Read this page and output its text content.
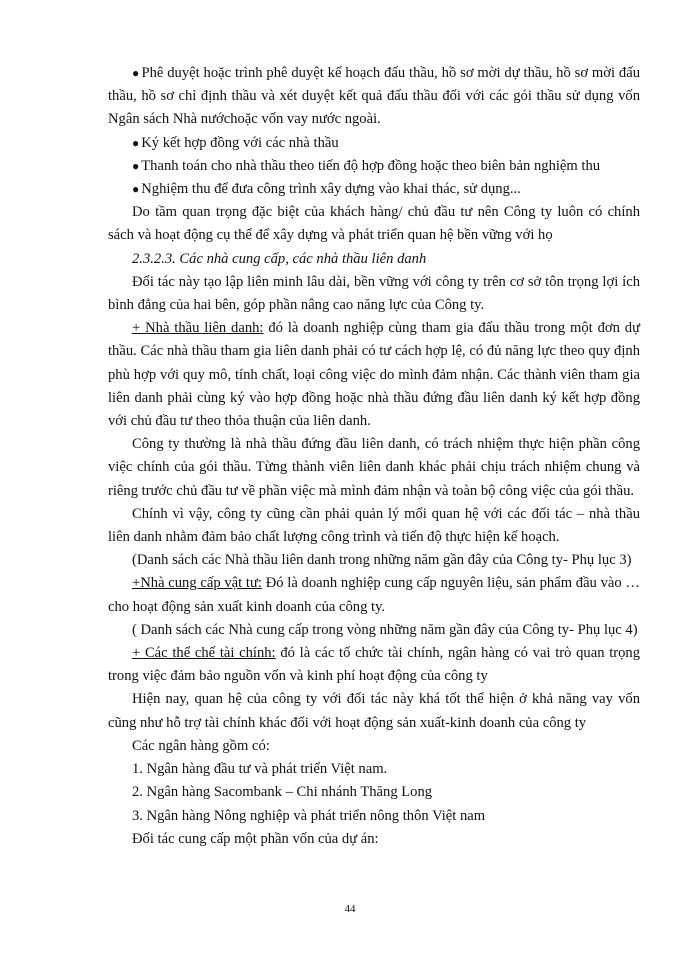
● Phê duyệt hoặc trình phê duyệt kế hoạch đấu thầu, hồ sơ mời dự thầu, hồ sơ mời đấu thầu, hồ sơ chỉ định thầu và xét duyệt kết quả đấu thầu đối với các gói thầu sử dụng vốn Ngân sách Nhà nướchoặc vốn vay nước ngoài.

● Ký kết hợp đồng với các nhà thầu

● Thanh toán cho nhà thầu theo tiến độ hợp đồng hoặc theo biên bản nghiệm thu

● Nghiệm thu để đưa công trình xây dựng vào khai thác, sử dụng...

Do tầm quan trọng đặc biệt của khách hàng/ chủ đầu tư nên Công ty luôn có chính sách và hoạt động cụ thể để xây dựng và phát triển quan hệ bền vững với họ

2.3.2.3. Các nhà cung cấp, các nhà thầu liên danh

Đối tác này tạo lập liên minh lâu dài, bền vững với công ty trên cơ sở tôn trọng lợi ích bình đẳng của hai bên, góp phần nâng cao năng lực của Công ty.

+ Nhà thầu liên danh: đó là doanh nghiệp cùng tham gia đấu thầu trong một đơn dự thầu. Các nhà thầu tham gia liên danh phải có tư cách hợp lệ, có đủ năng lực theo quy định phù hợp với quy mô, tính chất, loại công việc do mình đảm nhận. Các thành viên tham gia liên danh phải cùng ký vào hợp đồng hoặc nhà thầu đứng đầu liên danh ký kết hợp đồng với chủ đầu tư theo thỏa thuận của liên danh.

Công ty thường là nhà thầu đứng đầu liên danh, có trách nhiệm thực hiện phần công việc chính của gói thầu. Từng thành viên liên danh khác phải chịu trách nhiệm chung và riêng trước chủ đầu tư về phần việc mà mình đảm nhận và toàn bộ công việc của gói thầu.

Chính vì vậy, công ty cũng cần phải quản lý mối quan hệ với các đối tác – nhà thầu liên danh nhằm đảm bảo chất lượng công trình và tiến độ thực hiện kế hoạch.

(Danh sách các Nhà thầu liên danh trong những năm gần đây của Công ty- Phụ lục 3)

+Nhà cung cấp vật tư: Đó là doanh nghiệp cung cấp nguyên liệu, sản phẩm đầu vào … cho hoạt động sản xuất kinh doanh của công ty.

( Danh sách các Nhà cung cấp trong vòng những năm gần đây của Công ty- Phụ lục 4)

+ Các thể chế tài chính: đó là các tổ chức tài chính, ngân hàng có vai trò quan trọng trong việc đảm bảo nguồn vốn và kinh phí hoạt động của công ty

Hiện nay, quan hệ của công ty với đối tác này khá tốt thể hiện ở khả năng vay vốn cũng như hỗ trợ tài chính khác đối với hoạt động sản xuất-kinh doanh của công ty

Các ngân hàng gồm có:

1. Ngân hàng đầu tư và phát triển Việt nam.

2. Ngân hàng Sacombank – Chi nhánh Thăng Long

3. Ngân hàng Nông nghiệp và phát triển nông thôn Việt nam

Đối tác cung cấp một phần vốn của dự án:

44
